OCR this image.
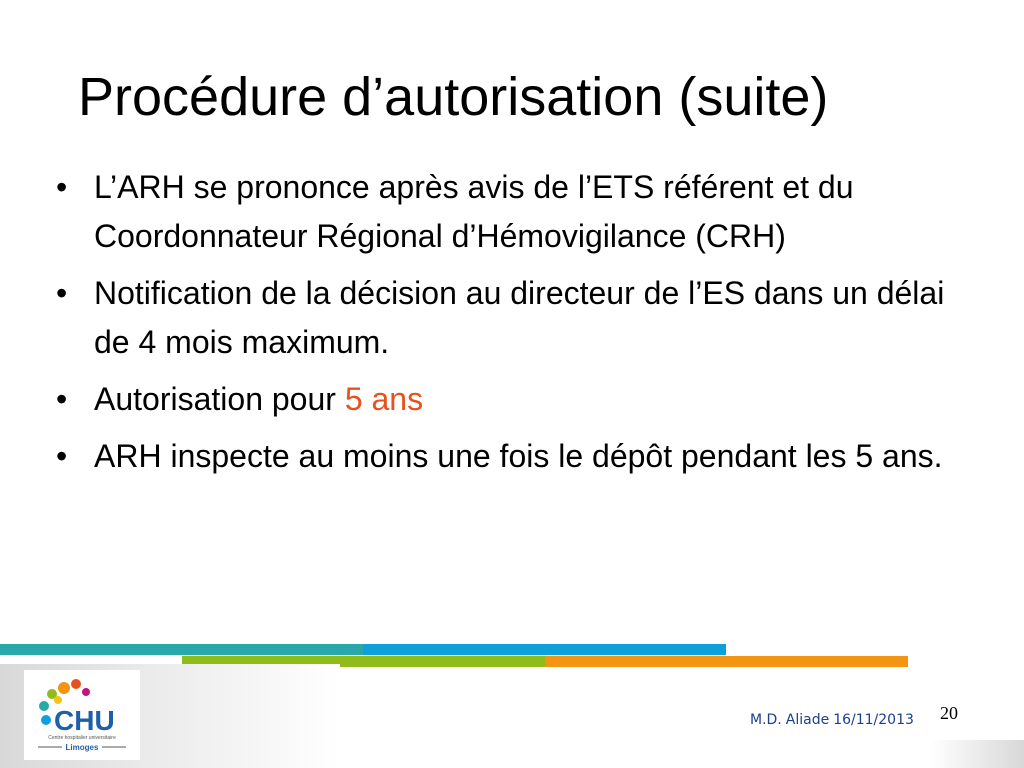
Procédure d’autorisation (suite)
• L’ARH se prononce après avis de l’ETS référent et du Coordonnateur Régional d’Hémovigilance (CRH)
• Notification de la décision au directeur de l’ES dans un délai de 4 mois maximum.
• Autorisation pour 5 ans
• ARH inspecte au moins une fois le dépôt pendant les 5 ans.
CHU
Centre hospitalier universitaire
Limoges
M.D. Aliade 16/11/2013 20
